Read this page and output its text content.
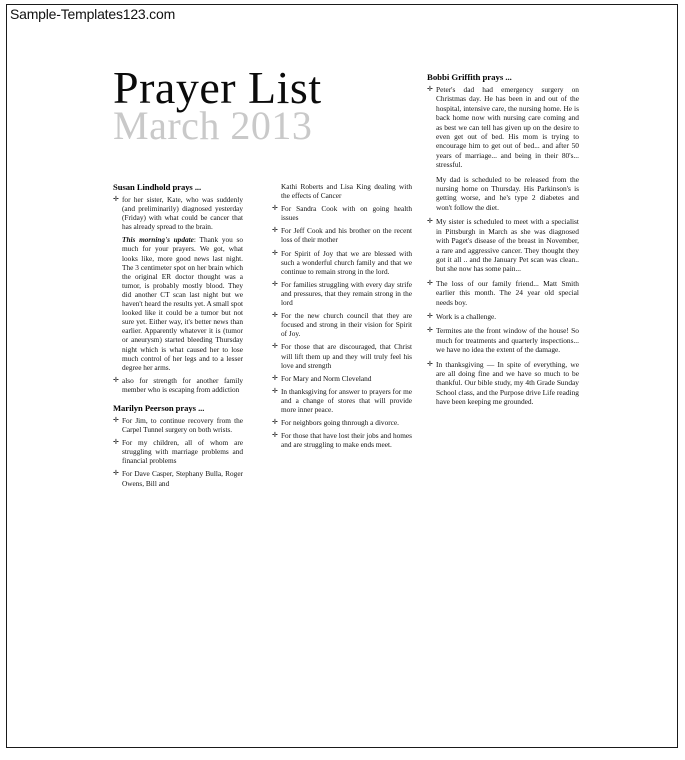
Sample-Templates123.com
Prayer List
March 2013
Susan Lindhold prays ...
✛ for her sister, Kate, who was suddenly (and preliminarily) diagnosed yesterday (Friday) with what could be cancer that has already spread to the brain.

This morning's update: Thank you so much for your prayers. We got, what looks like, more good news last night. The 3 centimeter spot on her brain which the original ER doctor thought was a tumor, is probably mostly blood. They did another CT scan last night but we haven't heard the results yet. A small spot looked like it could be a tumor but not sure yet. Either way, it's better news than earlier. Apparently whatever it is (tumor or aneurysm) started bleeding Thursday night which is what caused her to lose much control of her legs and to a lesser degree her arms.

✛ also for strength for another family member who is escaping from addiction

Marilyn Peerson prays ...
✛ For Jim, to continue recovery from the Carpel Tunnel surgery on both wrists.

✛ For my children, all of whom are struggling with marriage problems and financial problems

✛ For Dave Casper, Stephany Bulla, Roger Owens, Bill and

Kathi Roberts and Lisa King dealing with the effects of Cancer

✛ For Sandra Cook with on going health issues

✛ For Jeff Cook and his brother on the recent loss of their mother

✛ For Spirit of Joy that we are blessed with such a wonderful church family and that we continue to remain strong in the lord.

✛ For families struggling with every day strife and pressures, that they remain strong in the lord

✛ For the new church council that they are focused and strong in their vision for Spirit of Joy.

✛ For those that are discouraged, that Christ will lift them up and they will truly feel his love and strength

✛ For Mary and Norm Cleveland

✛ In thanksgiving for answer to prayers for me and a change of stores that will provide more inner peace.

✛ For neighbors going thnrough a divorce.

✛ For those that have lost their jobs and homes and are struggling to make ends meet.

Bobbi Griffith prays ...
✛ Peter's dad had emergency surgery on Christmas day. He has been in and out of the hospital, intensive care, the nursing home. He is back home now with nursing care coming and as best we can tell has given up on the desire to even get out of bed. His mom is trying to encourage him to get out of bed... and after 50 years of marriage... and being in their 80's... stressful.

My dad is scheduled to be released from the nursing home on Thursday. His Parkinson's is getting worse, and he's type 2 diabetes and won't follow the diet.

✛ My sister is scheduled to meet with a specialist in Pittsburgh in March as she was diagnosed with Paget's disease of the breast in November, a rare and aggressive cancer. They thought they got it all .. and the January Pet scan was clean.. but she now has some pain...

✛ The loss of our family friend... Matt Smith earlier this month. The 24 year old special needs boy.

✛ Work is a challenge.

✛ Termites ate the front window of the house! So much for treatments and quarterly inspections... we have no idea the extent of the damage.

✛ In thanksgiving — In spite of everything, we are all doing fine and we have so much to be thankful. Our bible study, my 4th Grade Sunday School class, and the Purpose drive Life reading have been keeping me grounded.
